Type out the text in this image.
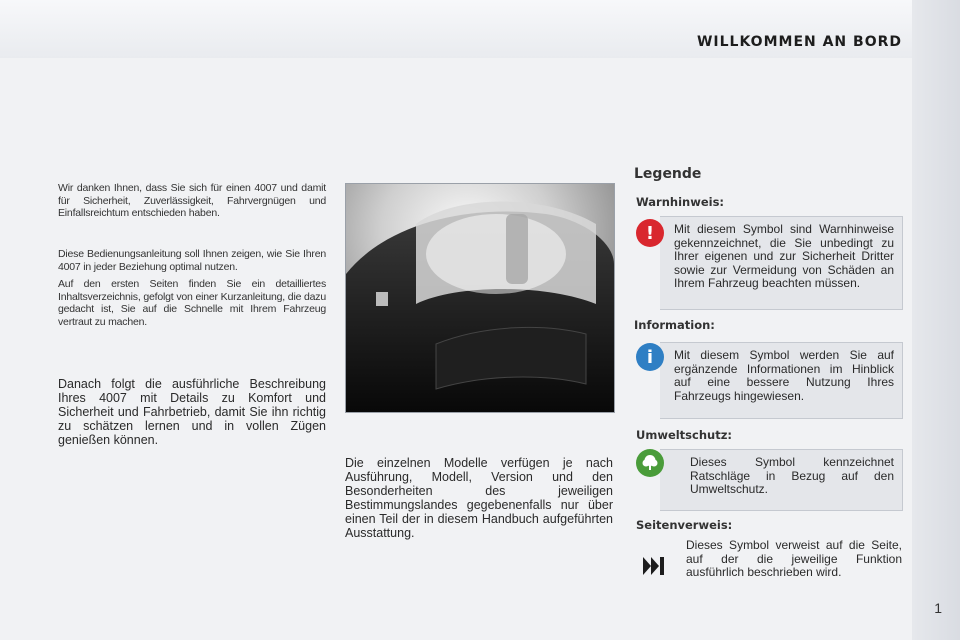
WILLKOMMEN AN BORD

Wir danken Ihnen, dass Sie sich für einen 4007 und damit für Sicherheit, Zuverlässigkeit, Fahrvergnügen und Einfallsreichtum entschieden haben.

Diese Bedienungsanleitung soll Ihnen zeigen, wie Sie Ihren 4007 in jeder Beziehung optimal nutzen.

Auf den ersten Seiten finden Sie ein detailliertes Inhaltsverzeichnis, gefolgt von einer Kurzanleitung, die dazu gedacht ist, Sie auf die Schnelle mit Ihrem Fahrzeug vertraut zu machen.

Danach folgt die ausführliche Beschreibung Ihres 4007 mit Details zu Komfort und Sicherheit und Fahrbetrieb, damit Sie ihn richtig zu schätzen lernen und in vollen Zügen genießen können.

Die einzelnen Modelle verfügen je nach Ausführung, Modell, Version und den Besonderheiten des jeweiligen Bestimmungslandes gegebenenfalls nur über einen Teil der in diesem Handbuch aufgeführten Ausstattung.

Legende
Warnhinweis:

Mit diesem Symbol sind Warnhinweise gekennzeichnet, die Sie unbedingt zu Ihrer eigenen und zur Sicherheit Dritter sowie zur Vermeidung von Schäden an Ihrem Fahrzeug beachten müssen.

!
Information:

Mit diesem Symbol werden Sie auf ergänzende Informationen im Hinblick auf eine bessere Nutzung Ihres Fahrzeugs hingewiesen.

i
Umweltschutz:

Dieses Symbol kennzeichnet Ratschläge in Bezug auf den Umweltschutz.

Seitenverweis:

Dieses Symbol verweist auf die Seite, auf der die jeweilige Funktion ausführlich beschrieben wird.

1
